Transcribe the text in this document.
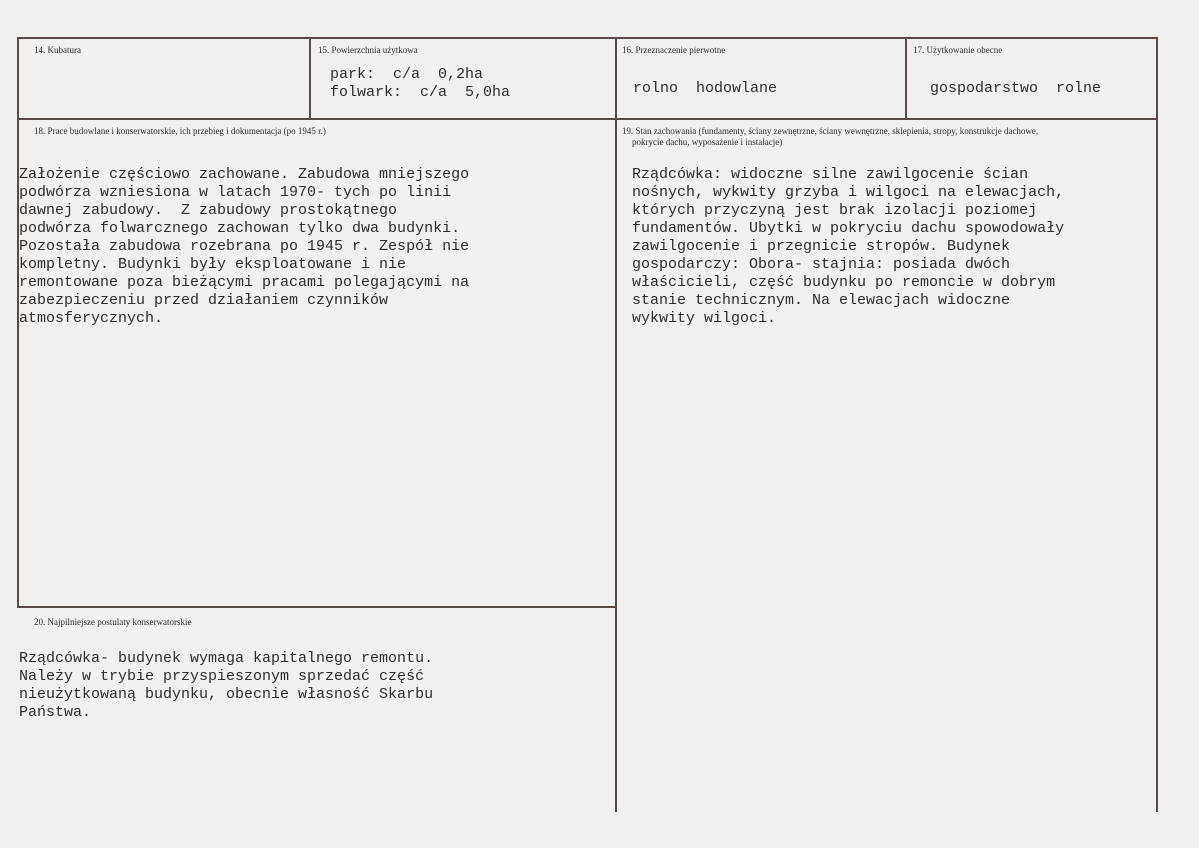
14. Kubatura	15. Powierzchnia użytkowa
park:  c/a  0,2ha
folwark:  c/a  5,0ha
16. Przeznaczenie pierwotne
rolno  hodowlane
17. Użytkowanie obecne
gospodarstwo  rolne
18. Prace budowlane i konserwatorskie, ich przebieg i dokumentacja (po 1945 r.)
Założenie częściowo zachowane. Zabudowa mniejszego
podwórza wzniesiona w latach 1970- tych po linii
dawnej zabudowy.  Z zabudowy prostokątnego
podwórza folwarcznego zachowan tylko dwa budynki.
Pozostała zabudowa rozebrana po 1945 r. Zespół nie
kompletny. Budynki były eksploatowane i nie
remontowane poza bieżącymi pracami polegającymi na
zabezpieczeniu przed działaniem czynników
atmosferycznych.
19. Stan zachowania (fundamenty, ściany zewnętrzne, ściany wewnętrzne, sklepienia, stropy, konstrukcje dachowe,
pokrycie dachu, wyposażenie i instalacje)
Rządcówka: widoczne silne zawilgocenie ścian
nośnych, wykwity grzyba i wilgoci na elewacjach,
których przyczyną jest brak izolacji poziomej
fundamentów. Ubytki w pokryciu dachu spowodowały
zawilgocenie i przegnicie stropów. Budynek
gospodarczy: Obora- stajnia: posiada dwóch
właścicieli, część budynku po remoncie w dobrym
stanie technicznym. Na elewacjach widoczne
wykwity wilgoci.
20. Najpilniejsze postulaty konserwatorskie
Rządcówka- budynek wymaga kapitalnego remontu.
Należy w trybie przyspieszonym sprzedać część
nieużytkowaną budynku, obecnie własność Skarbu
Państwa.
